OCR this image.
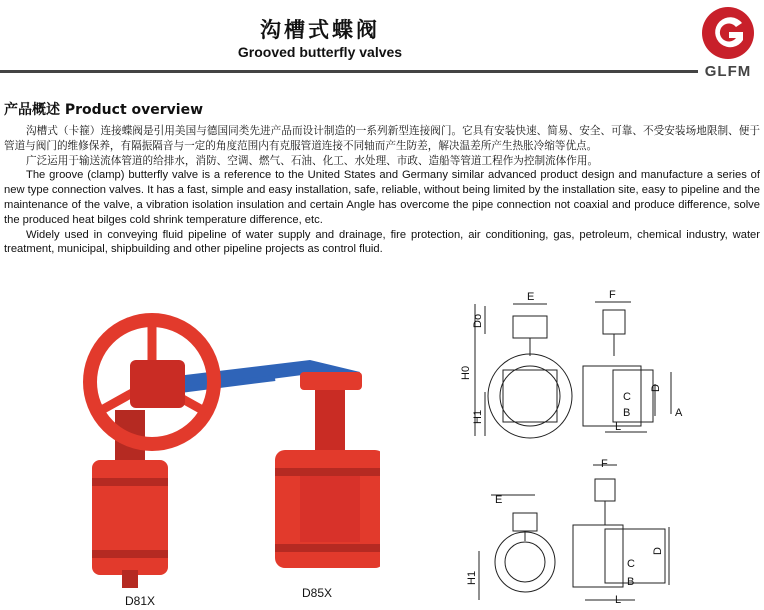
沟槽式蝶阀
Grooved butterfly valves
GLFM
产品概述 Product overview

沟槽式（卡箍）连接蝶阀是引用美国与德国同类先进产品而设计制造的一系列新型连接阀门。它具有安装快速、简易、安全、可靠、不受安装场地限制、便于管道与阀门的维修保养，有隔振隔音与一定的角度范围内有克服管道连接不同轴而产生防差，解决温差所产生热胀冷缩等优点。

广泛运用于输送流体管道的给排水，消防、空调、燃气、石油、化工、水处理、市政、造船等管道工程作为控制流体作用。

The groove (clamp) butterfly valve is a reference to the United States and Germany similar advanced product design and manufacture a series of new type connection valves. It has a fast, simple and easy installation, safe, reliable, without being limited by the installation site, easy to pipeline and the maintenance of the valve, a vibration isolation insulation and certain Angle has overcome the pipe connection not coaxial and produce difference, solve the produced heat bilges cold shrink temperature difference, etc.

Widely used in conveying fluid pipeline of water supply and drainage, fire protection, air conditioning, gas, petroleum, chemical industry, water treatment, municipal, shipbuilding and other pipeline projects as control fluid.

D81X
D85X
E	F
Do
H0
H1
D
C
B	A
L
F
E
C
D
B
H1
L
